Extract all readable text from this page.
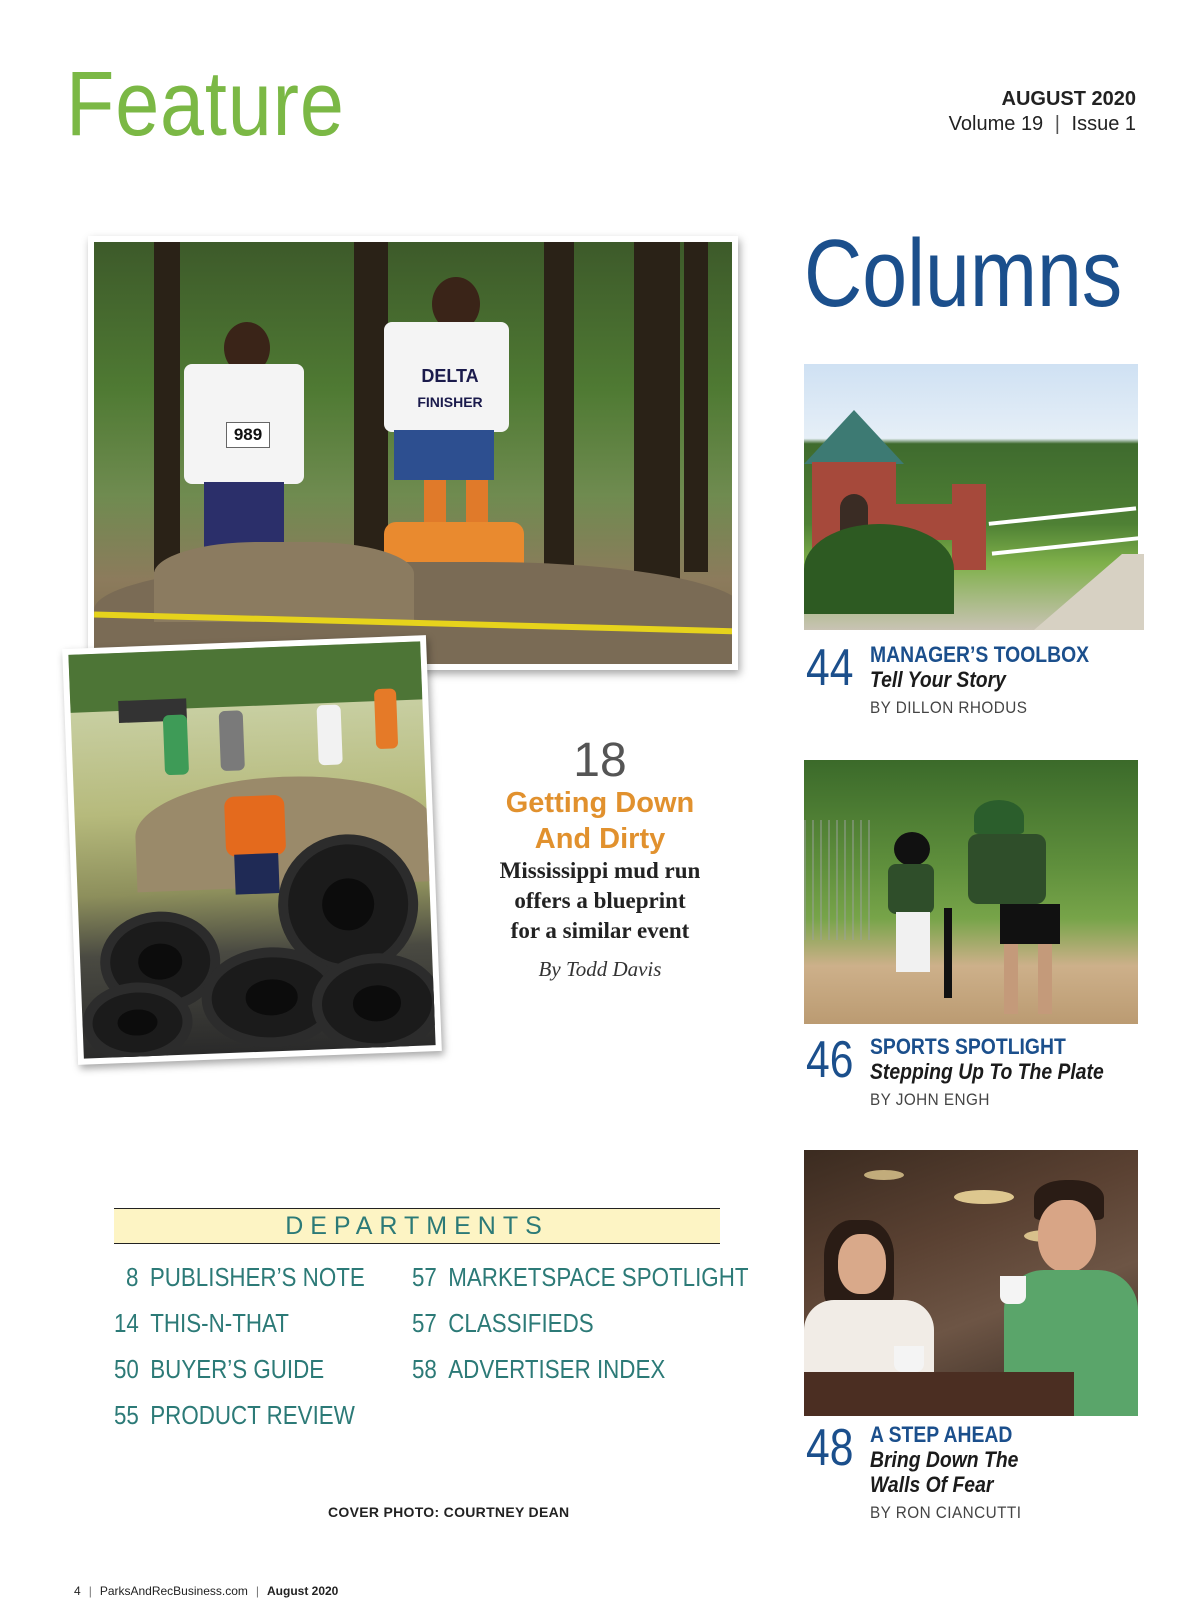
Feature	AUGUST 2020
Volume 19 | Issue 1
Columns
989
DELTA
FINISHER
18
Getting Down
And Dirty
Mississippi mud run
offers a blueprint
for a similar event
By Todd Davis
44 MANAGER’S TOOLBOX
Tell Your Story
BY DILLON RHODUS
46 SPORTS SPOTLIGHT
Stepping Up To The Plate
BY JOHN ENGH
48 A STEP AHEAD
Bring Down The
Walls Of Fear
BY RON CIANCUTTI
DEPARTMENTS
8 PUBLISHER’S NOTE
14 THIS-N-THAT
50 BUYER’S GUIDE
55 PRODUCT REVIEW
57 MARKETSPACE SPOTLIGHT
57 CLASSIFIEDS
58 ADVERTISER INDEX
COVER PHOTO: COURTNEY DEAN
4 | ParksAndRecBusiness.com | August 2020
